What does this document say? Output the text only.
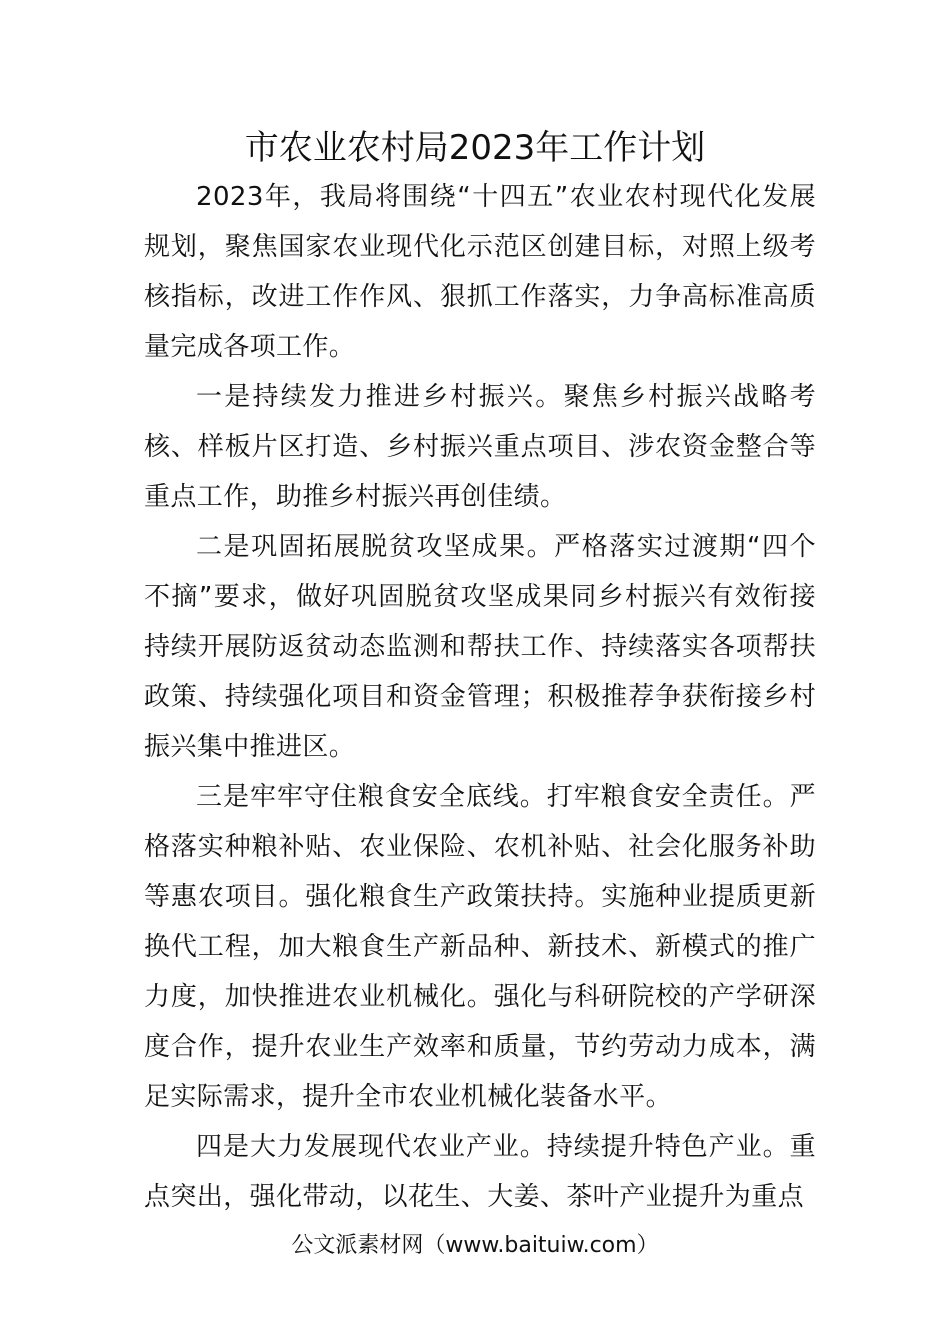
市农业农村局2023年工作计划

2023年，我局将围绕“十四五”农业农村现代化发展规划，聚焦国家农业现代化示范区创建目标，对照上级考核指标，改进工作作风、狠抓工作落实，力争高标准高质量完成各项工作。

一是持续发力推进乡村振兴。聚焦乡村振兴战略考核、样板片区打造、乡村振兴重点项目、涉农资金整合等重点工作，助推乡村振兴再创佳绩。

二是巩固拓展脱贫攻坚成果。严格落实过渡期“四个不摘”要求，做好巩固脱贫攻坚成果同乡村振兴有效衔接持续开展防返贫动态监测和帮扶工作、持续落实各项帮扶政策、持续强化项目和资金管理；积极推荐争获衔接乡村振兴集中推进区。

三是牢牢守住粮食安全底线。打牢粮食安全责任。严格落实种粮补贴、农业保险、农机补贴、社会化服务补助等惠农项目。强化粮食生产政策扶持。实施种业提质更新换代工程，加大粮食生产新品种、新技术、新模式的推广力度，加快推进农业机械化。强化与科研院校的产学研深度合作，提升农业生产效率和质量，节约劳动力成本，满足实际需求，提升全市农业机械化装备水平。

四是大力发展现代农业产业。持续提升特色产业。重点突出，强化带动，以花生、大姜、茶叶产业提升为重点

公文派素材网（www.baituiw.com）
